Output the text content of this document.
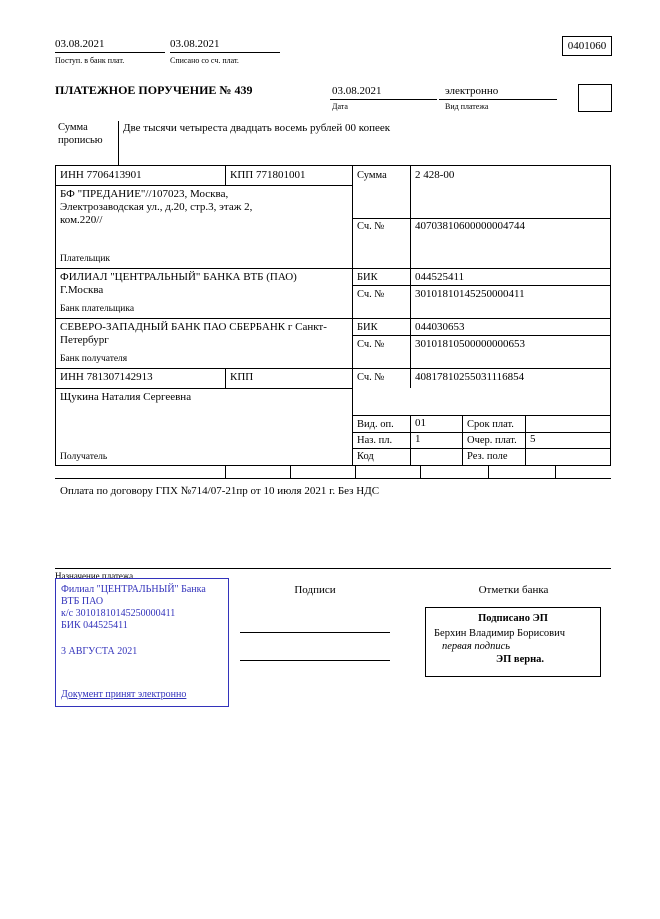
03.08.2021
Поступ. в банк плат.
03.08.2021
Списано со сч. плат.
0401060
ПЛАТЕЖНОЕ ПОРУЧЕНИЕ № 439	03.08.2021
Дата
электронно
Вид платежа
Сумма прописью
Две тысячи четыреста двадцать восемь рублей 00 копеек
ИНН 7706413901	КПП 771801001	Сумма	2 428-00
БФ "ПРЕДАНИЕ"//107023, Москва, Электрозаводская ул., д.20, стр.3, этаж 2, ком.220//
Сч. №	40703810600000004744
Плательщик
ФИЛИАЛ "ЦЕНТРАЛЬНЫЙ" БАНКА ВТБ (ПАО) Г.Москва
БИК	044525411
Сч. №	30101810145250000411
Банк плательщика
СЕВЕРО-ЗАПАДНЫЙ БАНК ПАО СБЕРБАНК г Санкт-Петербург
БИК	044030653
Сч. №	30101810500000000653
Банк получателя
ИНН 781307142913	КПП	Сч. №	40817810255031116854
Щукина Наталия Сергеевна
Вид. оп. 01	Срок плат.
Наз. пл. 1	Очер. плат. 5
Код	Рез. поле
Получатель
Оплата по договору ГПХ №714/07-21пр от 10 июля 2021 г. Без НДС
Назначение платежа
Филиал "ЦЕНТРАЛЬНЫЙ" Банка
ВТБ ПАО
к/с 30101810145250000411
БИК 044525411
3 АВГУСТА 2021
Документ принят электронно
Подписи	Отметки банка
Подписано ЭП
Берхин Владимир Борисович
первая подпись
ЭП верна.
